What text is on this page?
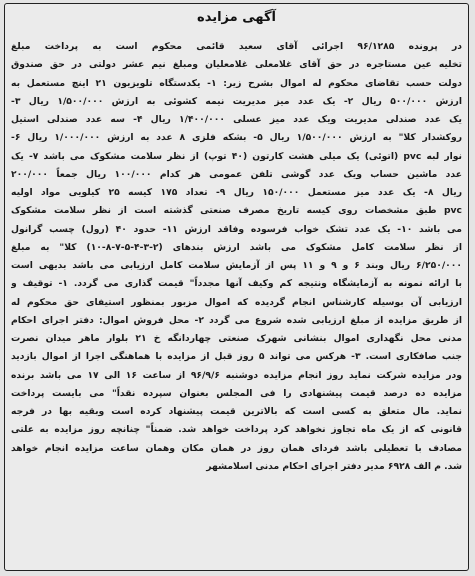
آگهی مزایده
در پرونده ۹۶/۱۲۸۵ اجرائی آقای سعید قائمی محکوم است به پرداخت مبلغ
تخلیه عین مستاجره در حق آقای غلامعلی غلامعلیان ومبلغ نیم عشر دولتی در حق صندوق
دولت حسب تقاضای محکوم له اموال بشرح زیر: ۱- یکدستگاه تلویزیون ۲۱ اینچ مستعمل به
ارزش ۵۰۰/۰۰۰ ریال ۲- یک عدد میز مدیریت نیمه کشوئی به ارزش ۱/۵۰۰/۰۰۰ ریال ۳-
یک عدد صندلی مدیریت ویک عدد میز عسلی ۱/۴۰۰/۰۰۰ ریال ۴- سه عدد صندلی استیل
روکشدار کلا" به ارزش ۱/۵۰۰/۰۰۰ ریال ۵- بشکه فلزی ۸ عدد به ارزش ۱/۰۰۰/۰۰۰ ریال ۶-
نوار لبه pvc (اتوئی) یک میلی هشت کارتون (۴۰ توپ) از نظر سلامت مشکوک می باشد ۷- یک
عدد ماشین حساب ویک عدد گوشی تلفن عمومی هر کدام ۱۰۰/۰۰۰ ریال جمعاً ۲۰۰/۰۰۰
ریال ۸- یک عدد میز مستعمل ۱۵۰/۰۰۰ ریال ۹- تعداد ۱۷۵ کیسه ۲۵ کیلویی مواد اولیه
pvc طبق مشخصات روی کیسه تاریخ مصرف صنعتی گذشته است از نظر سلامت مشکوک
می باشد ۱۰- یک عدد تشک خواب فرسوده وفاقد ارزش ۱۱- حدود ۴۰ (رول) چسب گرانول
از نظر سلامت کامل مشکوک می باشد ارزش بندهای (۲-۳-۴-۵-۷-۸-۱۰) کلا" به مبلغ
۶/۲۵۰/۰۰۰ ریال وبند ۶ و ۹ و ۱۱ پس از آزمایش سلامت کامل ارزیابی می باشد بدیهی است
با ارائه نمونه به آزمایشگاه ونتیجه کم وکیف آنها مجدداً" قیمت گذاری می گردد. ۱- توقیف و
ارزیابی آن بوسیله کارشناس انجام گردیده که اموال مزبور بمنظور استیفای حق محکوم له
از طریق مزایده از مبلغ ارزیابی شده شروع می گردد ۲- محل فروش اموال: دفتر اجرای احکام
مدنی محل نگهداری اموال بنشانی شهرک صنعتی چهاردانگه خ ۲۱ بلوار ماهر میدان نصرت
جنب صافکاری است. ۳- هرکس می تواند ۵ روز قبل از مزایده با هماهنگی اجرا از اموال بازدید
ودر مزایده شرکت نماید روز انجام مزایده دوشنبه ۹۶/۹/۶ از ساعت ۱۶ الی ۱۷ می باشد برنده
مزایده ده درصد قیمت پیشنهادی را فی المجلس بعنوان سپرده نقداً" می بایست پرداخت
نماید. مال متعلق به کسی است که بالاترین قیمت پیشنهاد کرده است وبقیه بها در فرجه
قانونی که از یک ماه تجاوز نخواهد کرد پرداخت خواهد شد. ضمناً" چنانچه روز مزایده به علتی
مصادف با تعطیلی باشد فردای همان روز در همان مکان وهمان ساعت مزایده انجام خواهد
شد. م الف ۶۹۲۸ مدیر دفتر اجرای احکام مدنی اسلامشهر
